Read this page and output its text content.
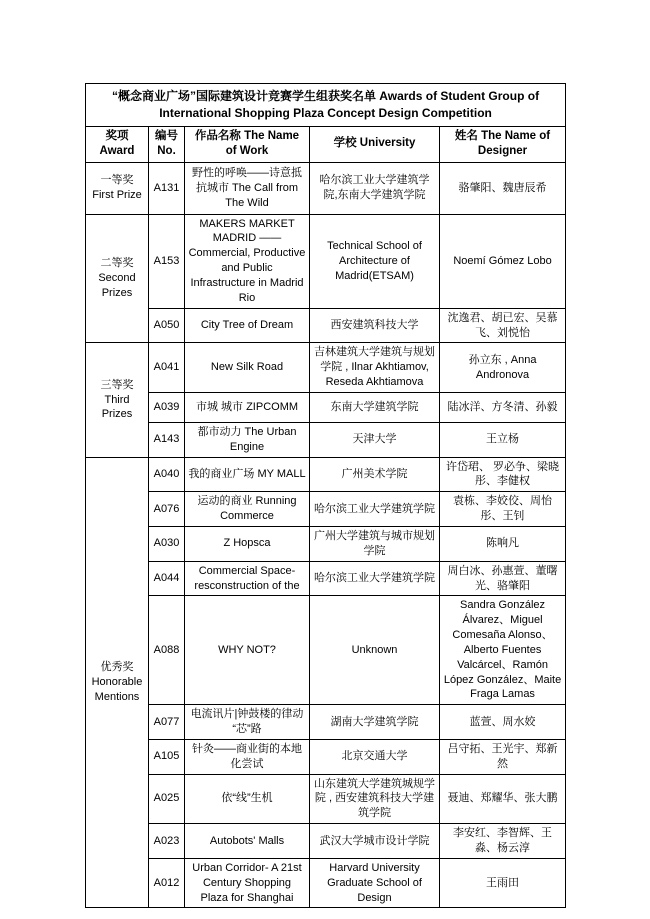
“概念商业广场”国际建筑设计竞赛学生组获奖名单 Awards of Student Group of International Shopping Plaza Concept Design Competition				
奖项 Award	编号 No.	作品名称 The Name of Work	学校 University	姓名 The Name of Designer
一等奖 First Prize	A131	野性的呼唤——诗意抵抗城市 The Call from The Wild	哈尔滨工业大学建筑学院,东南大学建筑学院	骆肇阳、魏唐辰希
二等奖 Second Prizes	A153	MAKERS MARKET MADRID ——Commercial, Productive and Public Infrastructure in Madrid Rio	Technical School of Architecture of Madrid(ETSAM)	Noemí Gómez Lobo
	A050	City Tree of Dream	西安建筑科技大学	沈逸君、胡已宏、吴慕飞、刘悦怡
三等奖 Third Prizes	A041	New Silk Road	吉林建筑大学建筑与规划学院 , Ilnar Akhtiamov, Reseda Akhtiamova	孙立东 , Anna Andronova
	A039	市城 城市 ZIPCOMM	东南大学建筑学院	陆冰洋、方冬清、孙毅
	A143	都市动力 The Urban Engine	天津大学	王立杨
优秀奖 Honorable Mentions	A040	我的商业广场 MY MALL	广州美术学院	许岱珺、 罗必争、梁晓彤、李健权
	A076	运动的商业 Running Commerce	哈尔滨工业大学建筑学院	袁栋、李姣佼、周怡彤、王钊
	A030	Z Hopsca	广州大学建筑与城市规划学院	陈响凡
	A044	Commercial Space-resconstruction of the	哈尔滨工业大学建筑学院	周白冰、孙惠萱、董曙光、骆肇阳
	A088	WHY NOT?	Unknown	Sandra González Álvarez、Miguel Comesaña Alonso、Alberto Fuentes Valcárcel、Ramón López González、Maite Fraga Lamas
	A077	电流讯片|钟鼓楼的律动 “芯”路	湖南大学建筑学院	蓝萱、周水姣
	A105	针灸——商业街的本地化尝试	北京交通大学	吕守拓、王光宇、郑新然
	A025	依“线”生机	山东建筑大学建筑城规学院 , 西安建筑科技大学建筑学院	聂迪、郑耀华、张大鹏
	A023	Autobots' Malls	武汉大学城市设计学院	李安红、李智辉、王淼、杨云淳
	A012	Urban Corridor- A 21st Century Shopping Plaza for Shanghai	Harvard University Graduate School of Design	王雨田
